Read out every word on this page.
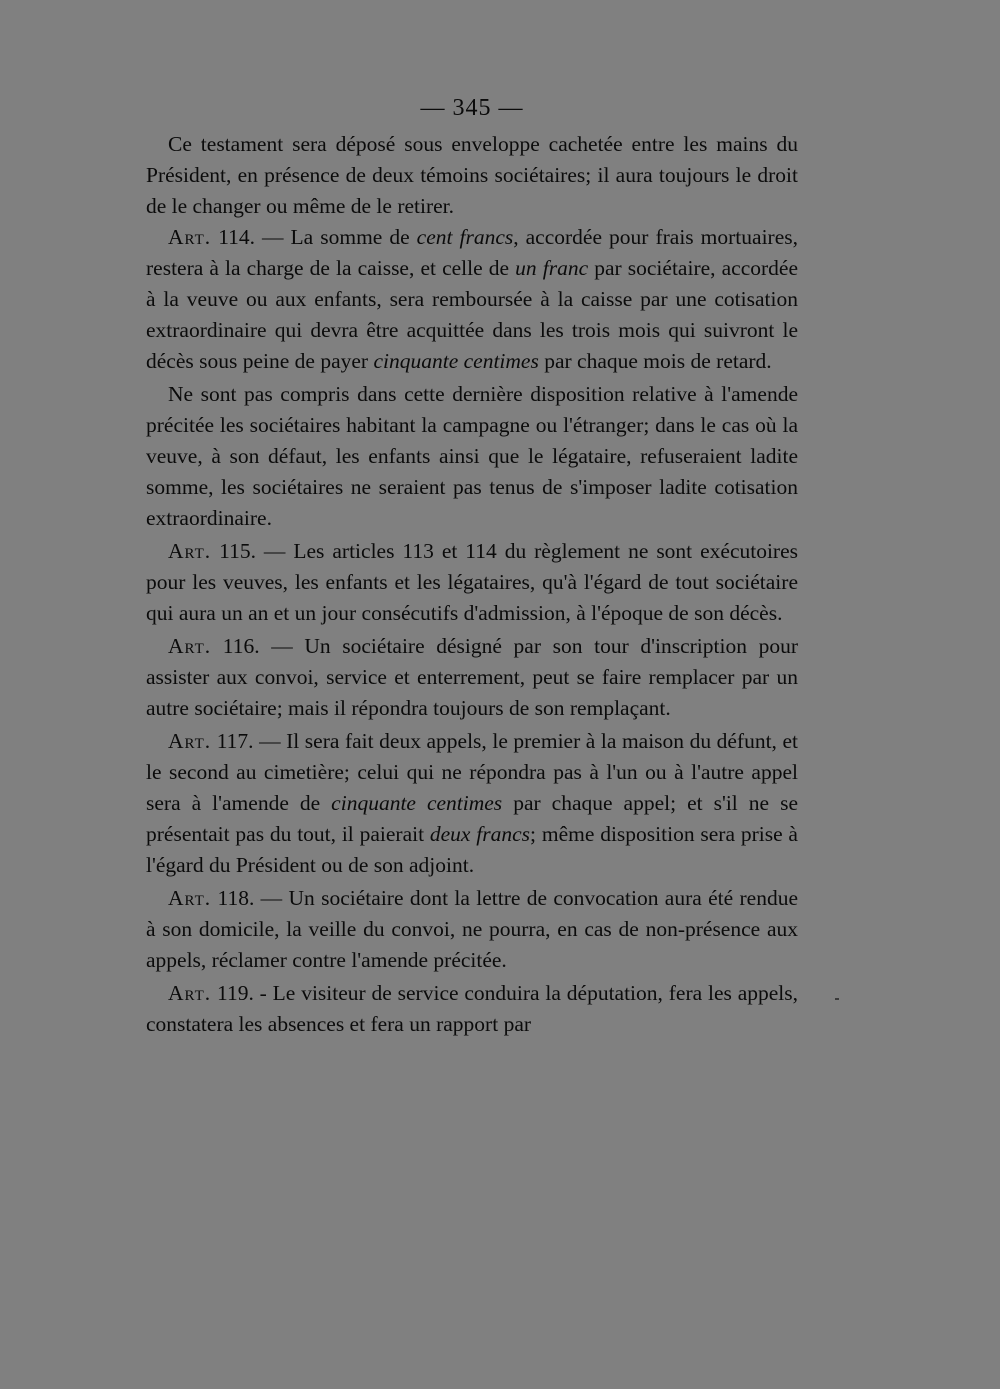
— 345 —

Ce testament sera déposé sous enveloppe cachetée entre les mains du Président, en présence de deux témoins sociétaires; il aura toujours le droit de le changer ou même de le retirer.

Art. 114. — La somme de cent francs, accordée pour frais mortuaires, restera à la charge de la caisse, et celle de un franc par sociétaire, accordée à la veuve ou aux enfants, sera remboursée à la caisse par une cotisation extraordinaire qui devra être acquittée dans les trois mois qui suivront le décès sous peine de payer cinquante centimes par chaque mois de retard.

Ne sont pas compris dans cette dernière disposition relative à l'amende précitée les sociétaires habitant la campagne ou l'étranger; dans le cas où la veuve, à son défaut, les enfants ainsi que le légataire, refuseraient ladite somme, les sociétaires ne seraient pas tenus de s'imposer ladite cotisation extraordinaire.

Art. 115. — Les articles 113 et 114 du règlement ne sont exécutoires pour les veuves, les enfants et les légataires, qu'à l'égard de tout sociétaire qui aura un an et un jour consécutifs d'admission, à l'époque de son décès.

Art. 116. — Un sociétaire désigné par son tour d'inscription pour assister aux convoi, service et enterrement, peut se faire remplacer par un autre sociétaire; mais il répondra toujours de son remplaçant.

Art. 117. — Il sera fait deux appels, le premier à la maison du défunt, et le second au cimetière; celui qui ne répondra pas à l'un ou à l'autre appel sera à l'amende de cinquante centimes par chaque appel; et s'il ne se présentait pas du tout, il paierait deux francs; même disposition sera prise à l'égard du Président ou de son adjoint.

Art. 118. — Un sociétaire dont la lettre de convocation aura été rendue à son domicile, la veille du convoi, ne pourra, en cas de non-présence aux appels, réclamer contre l'amende précitée.

Art. 119. - Le visiteur de service conduira la députation, fera les appels, constatera les absences et fera un rapport par
